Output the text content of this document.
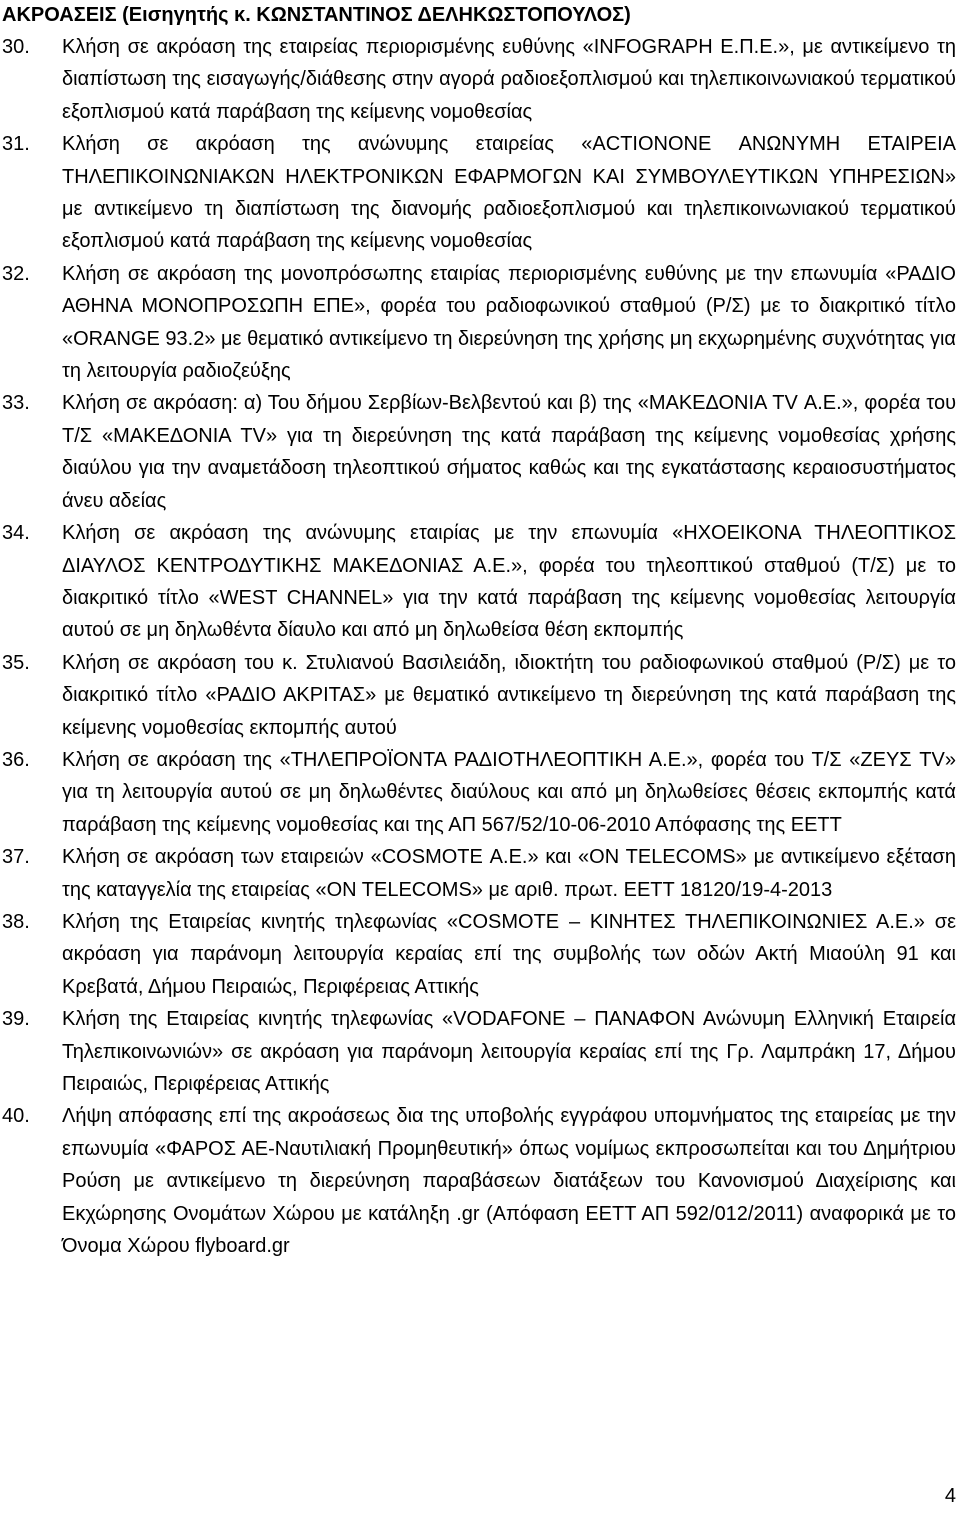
ΑΚΡΟΑΣΕΙΣ (Εισηγητής κ. ΚΩΝΣΤΑΝΤΙΝΟΣ ΔΕΛΗΚΩΣΤΟΠΟΥΛΟΣ)
30.	Κλήση σε ακρόαση της εταιρείας περιορισμένης ευθύνης «INFOGRAPH Ε.Π.Ε.», με αντικείμενο τη διαπίστωση της εισαγωγής/διάθεσης στην αγορά ραδιοεξοπλισμού και τηλεπικοινωνιακού τερματικού εξοπλισμού κατά παράβαση της κείμενης νομοθεσίας
31.	Κλήση σε ακρόαση της ανώνυμης εταιρείας «ACTIONONE ΑΝΩΝΥΜΗ ΕΤΑΙΡΕΙΑ ΤΗΛΕΠΙΚΟΙΝΩΝΙΑΚΩΝ ΗΛΕΚΤΡΟΝΙΚΩΝ ΕΦΑΡΜΟΓΩΝ ΚΑΙ ΣΥΜΒΟΥΛΕΥΤΙΚΩΝ ΥΠΗΡΕΣΙΩΝ» με αντικείμενο τη διαπίστωση της διανομής ραδιοεξοπλισμού και τηλεπικοινωνιακού τερματικού εξοπλισμού κατά παράβαση της κείμενης νομοθεσίας
32.	Κλήση σε ακρόαση της μονοπρόσωπης εταιρίας περιορισμένης ευθύνης με την επωνυμία «ΡΑΔΙΟ ΑΘΗΝΑ ΜΟΝΟΠΡΟΣΩΠΗ ΕΠΕ», φορέα του ραδιοφωνικού σταθμού (Ρ/Σ) με το διακριτικό τίτλο «ORANGE 93.2» με θεματικό αντικείμενο τη διερεύνηση της χρήσης μη εκχωρημένης συχνότητας για τη λειτουργία ραδιοζεύξης
33.	Κλήση σε ακρόαση: α) Του δήμου Σερβίων-Βελβεντού και β) της «ΜΑΚΕΔΟΝΙΑ TV Α.Ε.», φορέα του Τ/Σ «ΜΑΚΕΔΟΝΙΑ TV» για τη διερεύνηση της κατά παράβαση της κείμενης νομοθεσίας χρήσης διαύλου για την αναμετάδοση τηλεοπτικού σήματος καθώς και της εγκατάστασης κεραιοσυστήματος άνευ αδείας
34.	Κλήση σε ακρόαση της ανώνυμης εταιρίας με την επωνυμία «ΗΧΟΕΙΚΟΝΑ ΤΗΛΕΟΠΤΙΚΟΣ ΔΙΑΥΛΟΣ ΚΕΝΤΡΟΔΥΤΙΚΗΣ ΜΑΚΕΔΟΝΙΑΣ Α.Ε.», φορέα του τηλεοπτικού σταθμού (Τ/Σ) με το διακριτικό τίτλο «WEST CHANNEL» για την κατά παράβαση της κείμενης νομοθεσίας λειτουργία αυτού σε μη δηλωθέντα δίαυλο και από μη δηλωθείσα θέση εκπομπής
35.	Κλήση σε ακρόαση του κ. Στυλιανού Βασιλειάδη, ιδιοκτήτη του ραδιοφωνικού σταθμού (Ρ/Σ) με το διακριτικό τίτλο «ΡΑΔΙΟ ΑΚΡΙΤΑΣ» με θεματικό αντικείμενο τη διερεύνηση της κατά παράβαση της κείμενης νομοθεσίας εκπομπής αυτού
36.	Κλήση σε ακρόαση της «ΤΗΛΕΠΡΟΪΟΝΤΑ ΡΑΔΙΟΤΗΛΕΟΠΤΙΚΗ Α.Ε.», φορέα του Τ/Σ «ΖΕΥΣ TV» για τη λειτουργία αυτού σε μη δηλωθέντες διαύλους και από μη δηλωθείσες θέσεις εκπομπής κατά παράβαση της κείμενης νομοθεσίας και της ΑΠ 567/52/10-06-2010 Απόφασης της ΕΕΤΤ
37.	Κλήση σε ακρόαση των εταιρειών «COSMOTE Α.Ε.» και «ON TELECOMS» με αντικείμενο εξέταση της καταγγελία της εταιρείας «ON TELECOMS» με αριθ. πρωτ. ΕΕΤΤ 18120/19-4-2013
38.	Κλήση της Εταιρείας κινητής τηλεφωνίας «COSMOTE – ΚΙΝΗΤΕΣ ΤΗΛΕΠΙΚΟΙΝΩΝΙΕΣ Α.Ε.» σε ακρόαση για παράνομη λειτουργία κεραίας επί της συμβολής των οδών Ακτή Μιαούλη 91 και Κρεβατά, Δήμου Πειραιώς, Περιφέρειας Αττικής
39.	Κλήση της Εταιρείας κινητής τηλεφωνίας «VODAFONE – ΠΑΝΑΦΟΝ Ανώνυμη Ελληνική Εταιρεία Τηλεπικοινωνιών» σε ακρόαση για παράνομη λειτουργία κεραίας επί της Γρ. Λαμπράκη 17, Δήμου Πειραιώς, Περιφέρειας Αττικής
40.	Λήψη απόφασης επί της ακροάσεως δια της υποβολής εγγράφου υπομνήματος της εταιρείας με την επωνυμία «ΦΑΡΟΣ ΑΕ-Ναυτιλιακή Προμηθευτική» όπως νομίμως εκπροσωπείται και του Δημήτριου Ρούση με αντικείμενο τη διερεύνηση παραβάσεων διατάξεων του Κανονισμού Διαχείρισης και Εκχώρησης Ονομάτων Χώρου με κατάληξη .gr (Απόφαση ΕΕΤΤ ΑΠ 592/012/2011) αναφορικά με το Όνομα Χώρου flyboard.gr
4
